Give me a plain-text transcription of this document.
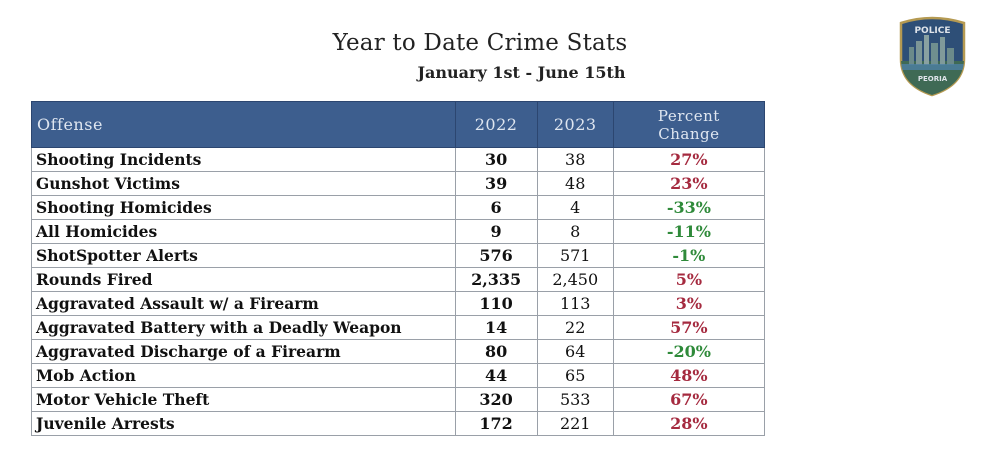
Year to Date Crime Stats
January 1st - June 15th
POLICE
PEORIA
Offense	2022	2023	Percent
Change
Shooting Incidents	30	38	27%
Gunshot Victims	39	48	23%
Shooting Homicides	6	4	-33%
All Homicides	9	8	-11%
ShotSpotter Alerts	576	571	-1%
Rounds Fired	2,335	2,450	5%
Aggravated Assault w/ a Firearm	110	113	3%
Aggravated Battery with a Deadly Weapon	14	22	57%
Aggravated Discharge of a Firearm	80	64	-20%
Mob Action	44	65	48%
Motor Vehicle Theft	320	533	67%
Juvenile Arrests	172	221	28%
